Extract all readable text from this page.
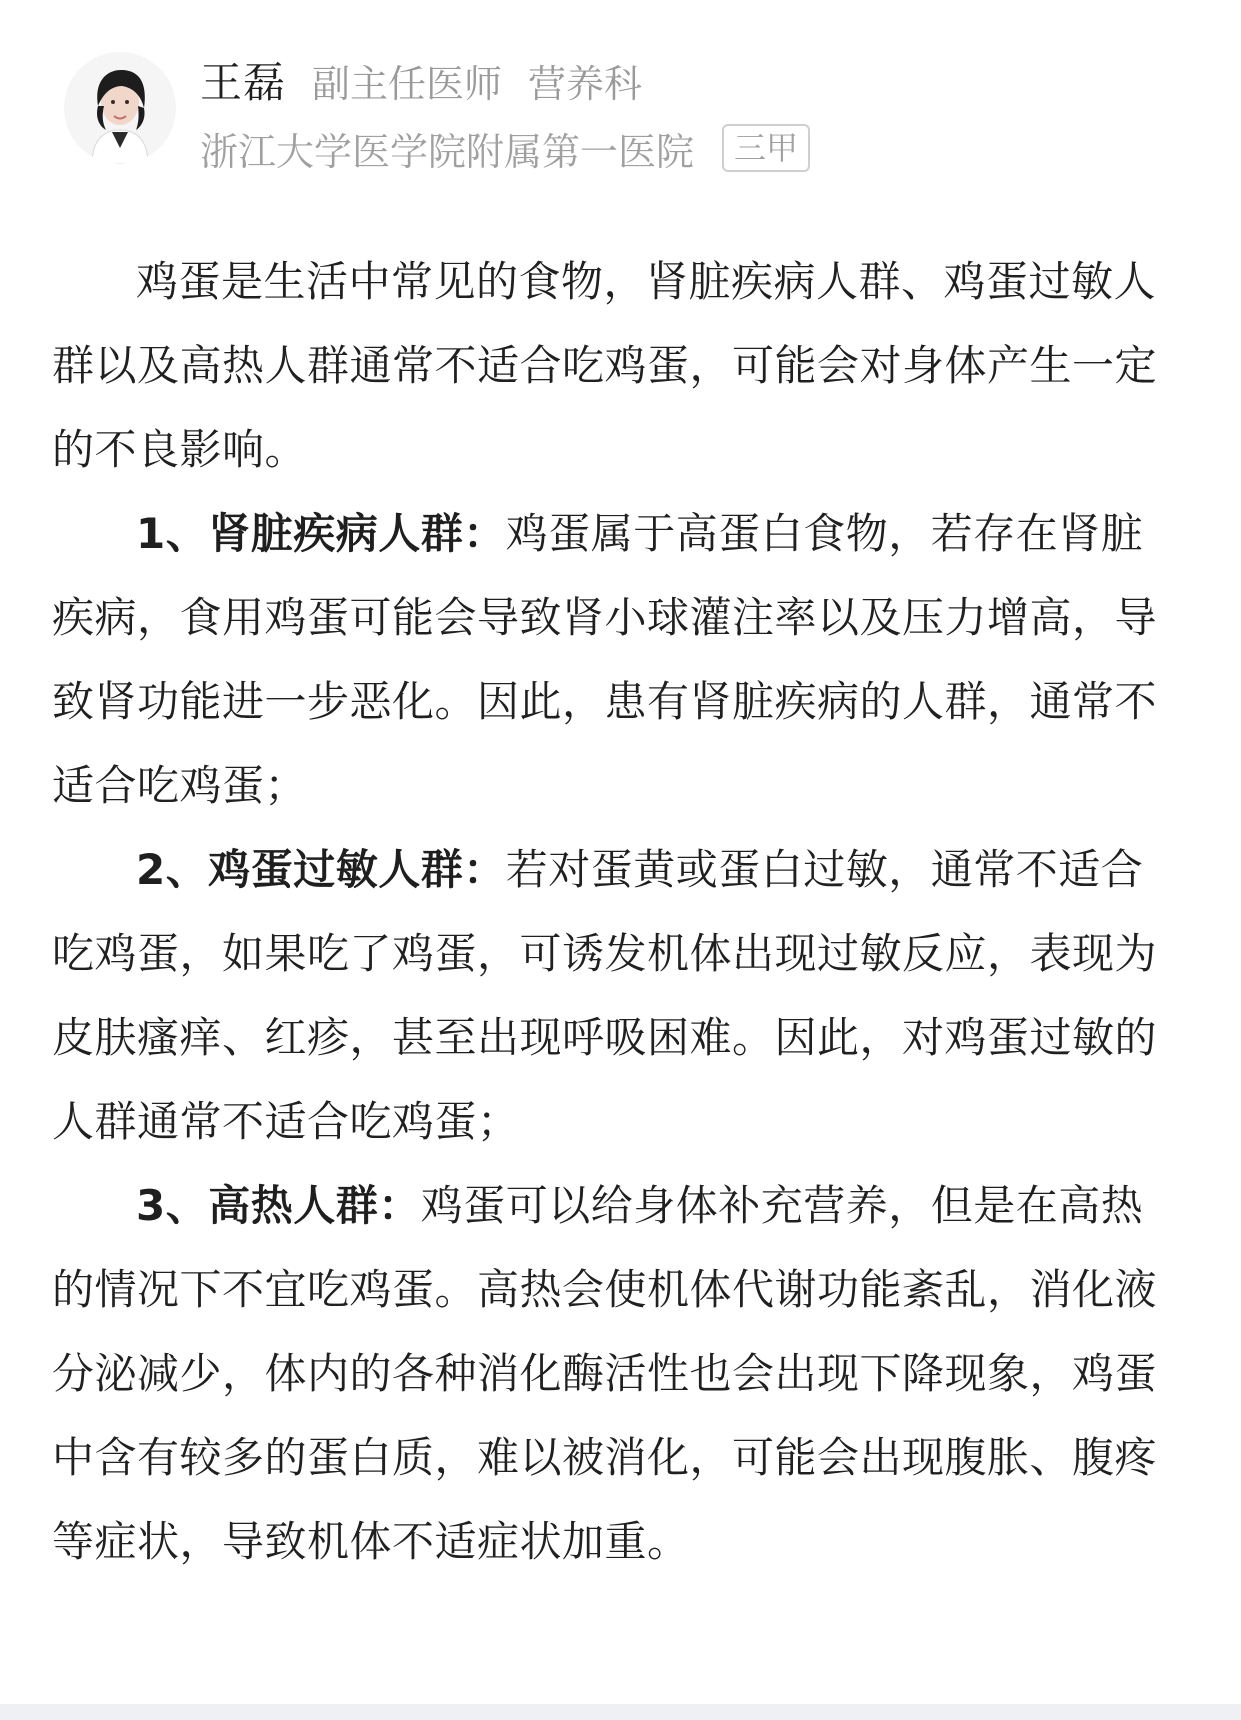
王磊 副主任医师 营养科
浙江大学医学院附属第一医院	三甲

鸡蛋是生活中常见的食物，肾脏疾病人群、鸡蛋过敏人群以及高热人群通常不适合吃鸡蛋，可能会对身体产生一定的不良影响。

1、肾脏疾病人群：鸡蛋属于高蛋白食物，若存在肾脏疾病，食用鸡蛋可能会导致肾小球灌注率以及压力增高，导致肾功能进一步恶化。因此，患有肾脏疾病的人群，通常不适合吃鸡蛋；

2、鸡蛋过敏人群：若对蛋黄或蛋白过敏，通常不适合吃鸡蛋，如果吃了鸡蛋，可诱发机体出现过敏反应，表现为皮肤瘙痒、红疹，甚至出现呼吸困难。因此，对鸡蛋过敏的人群通常不适合吃鸡蛋；

3、高热人群：鸡蛋可以给身体补充营养，但是在高热的情况下不宜吃鸡蛋。高热会使机体代谢功能紊乱，消化液分泌减少，体内的各种消化酶活性也会出现下降现象，鸡蛋中含有较多的蛋白质，难以被消化，可能会出现腹胀、腹疼等症状，导致机体不适症状加重。
